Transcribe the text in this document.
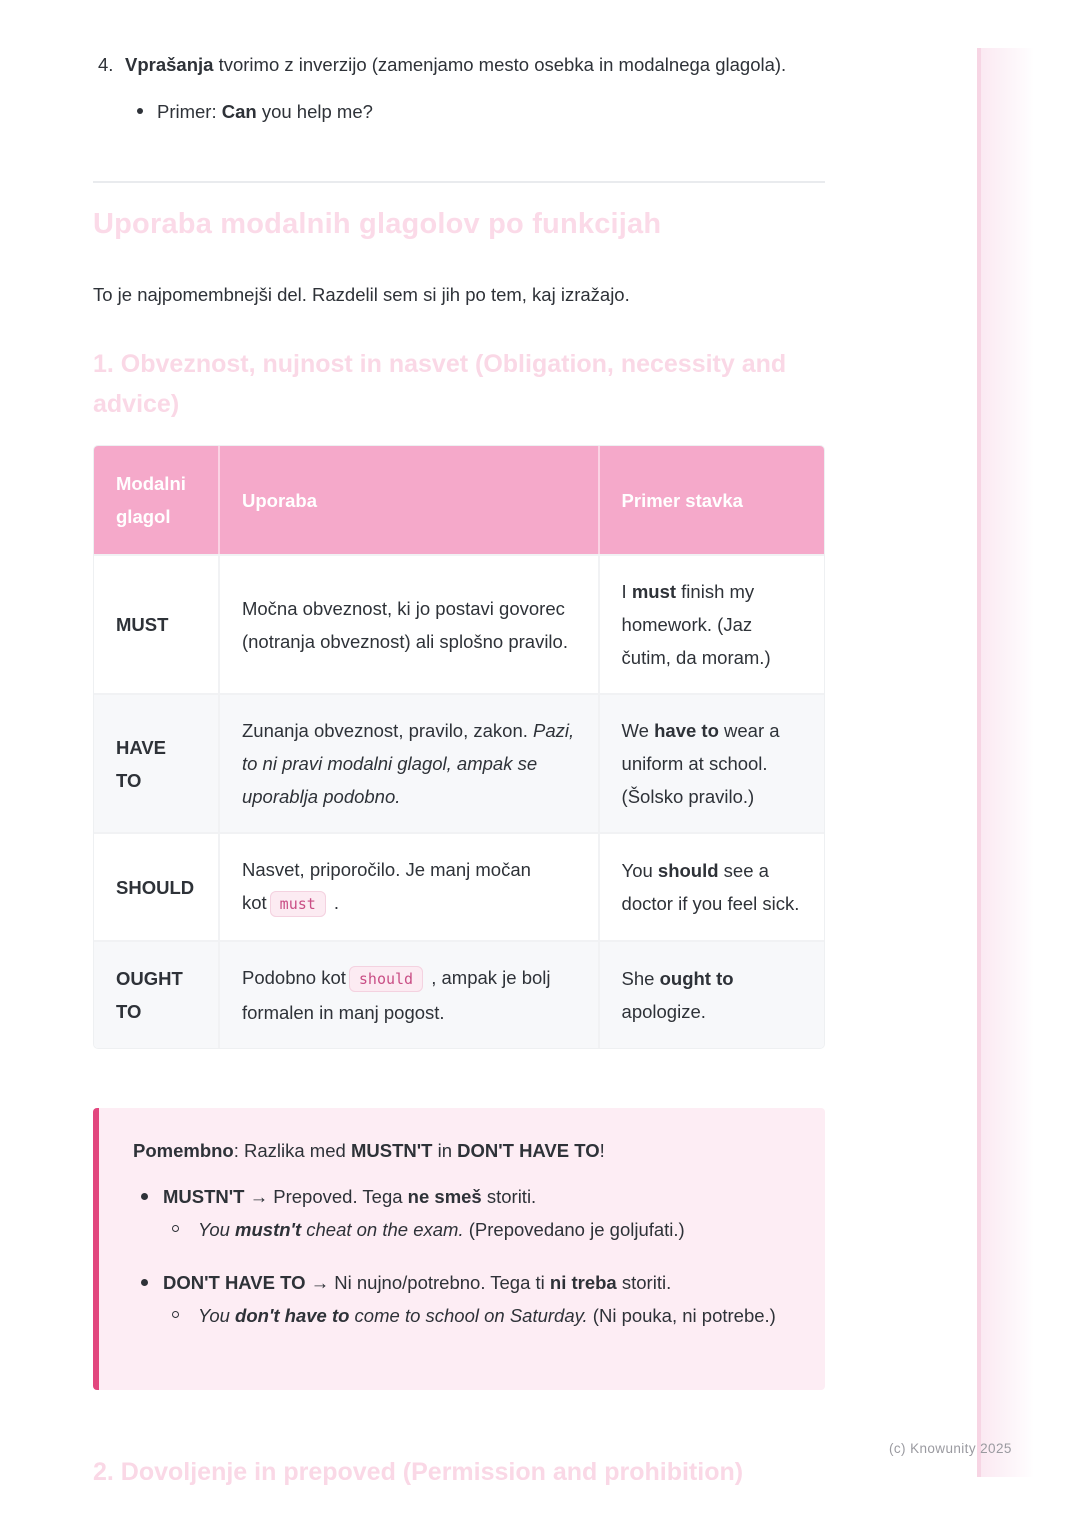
4. Vprašanja tvorimo z inverzijo (zamenjamo mesto osebka in modalnega glagola).
Primer: Can you help me?
Uporaba modalnih glagolov po funkcijah

To je najpomembnejši del. Razdelil sem si jih po tem, kaj izražajo.

1. Obveznost, nujnost in nasvet (Obligation, necessity and advice)
Modalni glagol	Uporaba	Primer stavka
MUST	Močna obveznost, ki jo postavi govorec (notranja obveznost) ali splošno pravilo.	I must finish my homework. (Jaz čutim, da moram.)
HAVE TO	Zunanja obveznost, pravilo, zakon. Pazi, to ni pravi modalni glagol, ampak se uporablja podobno.	We have to wear a uniform at school. (Šolsko pravilo.)
SHOULD	Nasvet, priporočilo. Je manj močan kot must .	You should see a doctor if you feel sick.
OUGHT TO	Podobno kot should , ampak je bolj formalen in manj pogost.	She ought to apologize.
Pomembno: Razlika med MUSTN'T in DON'T HAVE TO!
MUSTN'T → Prepoved. Tega ne smeš storiti.
You mustn't cheat on the exam. (Prepovedano je goljufati.)
DON'T HAVE TO → Ni nujno/potrebno. Tega ti ni treba storiti.
You don't have to come to school on Saturday. (Ni pouka, ni potrebe.)
2. Dovoljenje in prepoved (Permission and prohibition)
(c) Knowunity 2025
